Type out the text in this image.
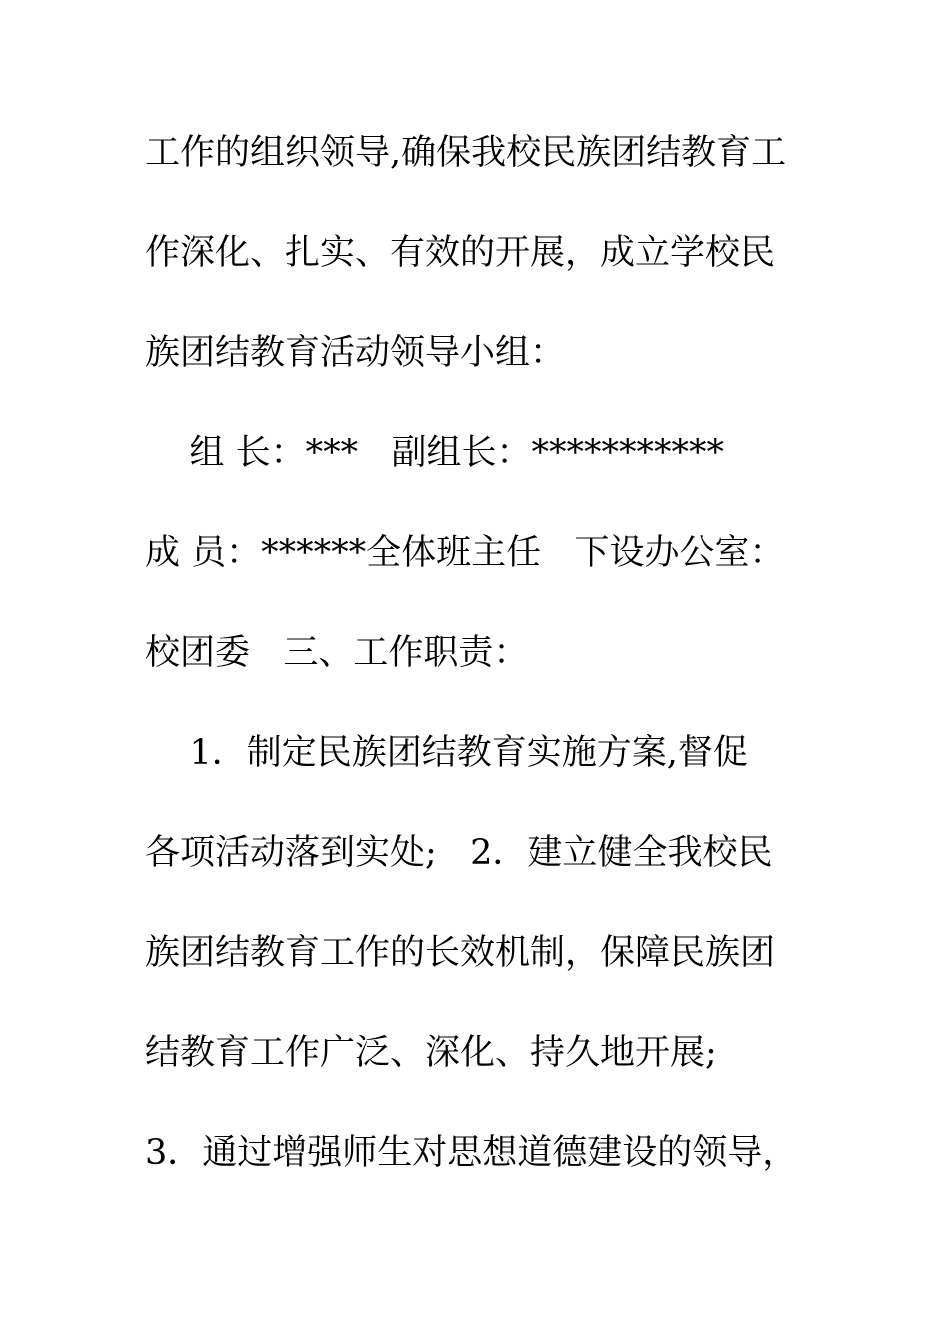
工作的组织领导,确保我校民族团结教育工
作深化、扎实、有效的开展，成立学校民
族团结教育活动领导小组：
组 长：***   副组长：***********
成 员：******全体班主任   下设办公室：
校团委   三、工作职责：
1．制定民族团结教育实施方案,督促
各项活动落到实处;   2．建立健全我校民
族团结教育工作的长效机制，保障民族团
结教育工作广泛、深化、持久地开展;
3．通过增强师生对思想道德建设的领导，
